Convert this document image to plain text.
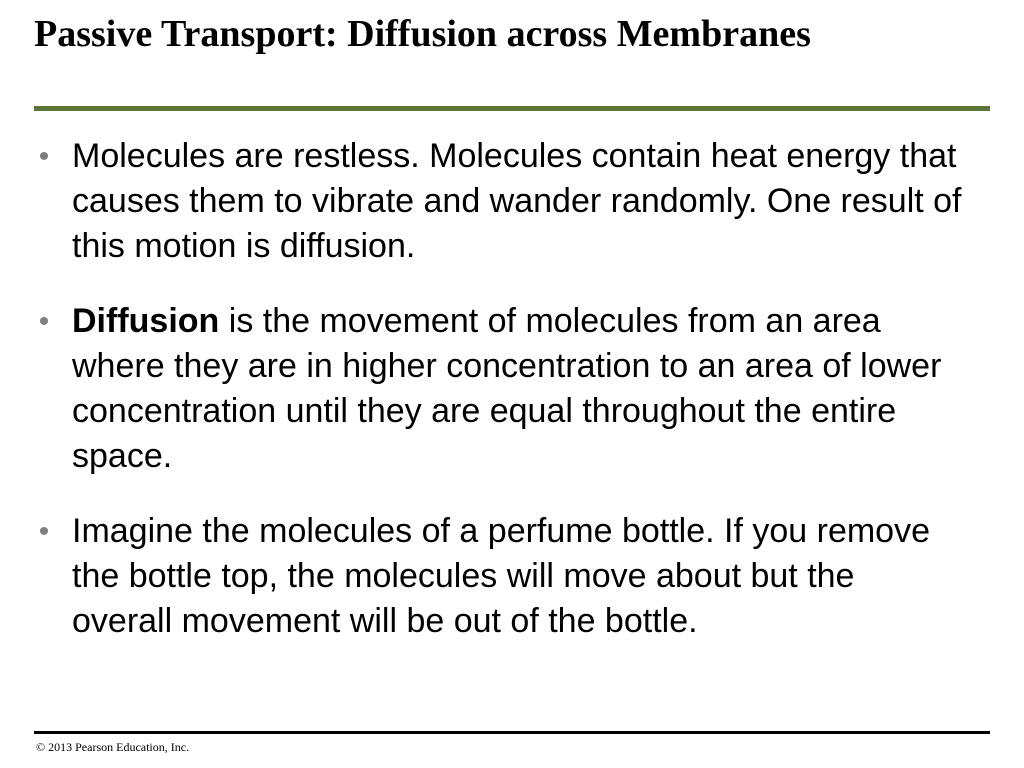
Passive Transport: Diffusion across Membranes
• Molecules are restless. Molecules contain heat energy that causes them to vibrate and wander randomly. One result of this motion is diffusion.
• Diffusion is the movement of molecules from an area where they are in higher concentration to an area of lower concentration until they are equal throughout the entire space.
• Imagine the molecules of a perfume bottle. If you remove the bottle top, the molecules will move about but the overall movement will be out of the bottle.
© 2013 Pearson Education, Inc.
